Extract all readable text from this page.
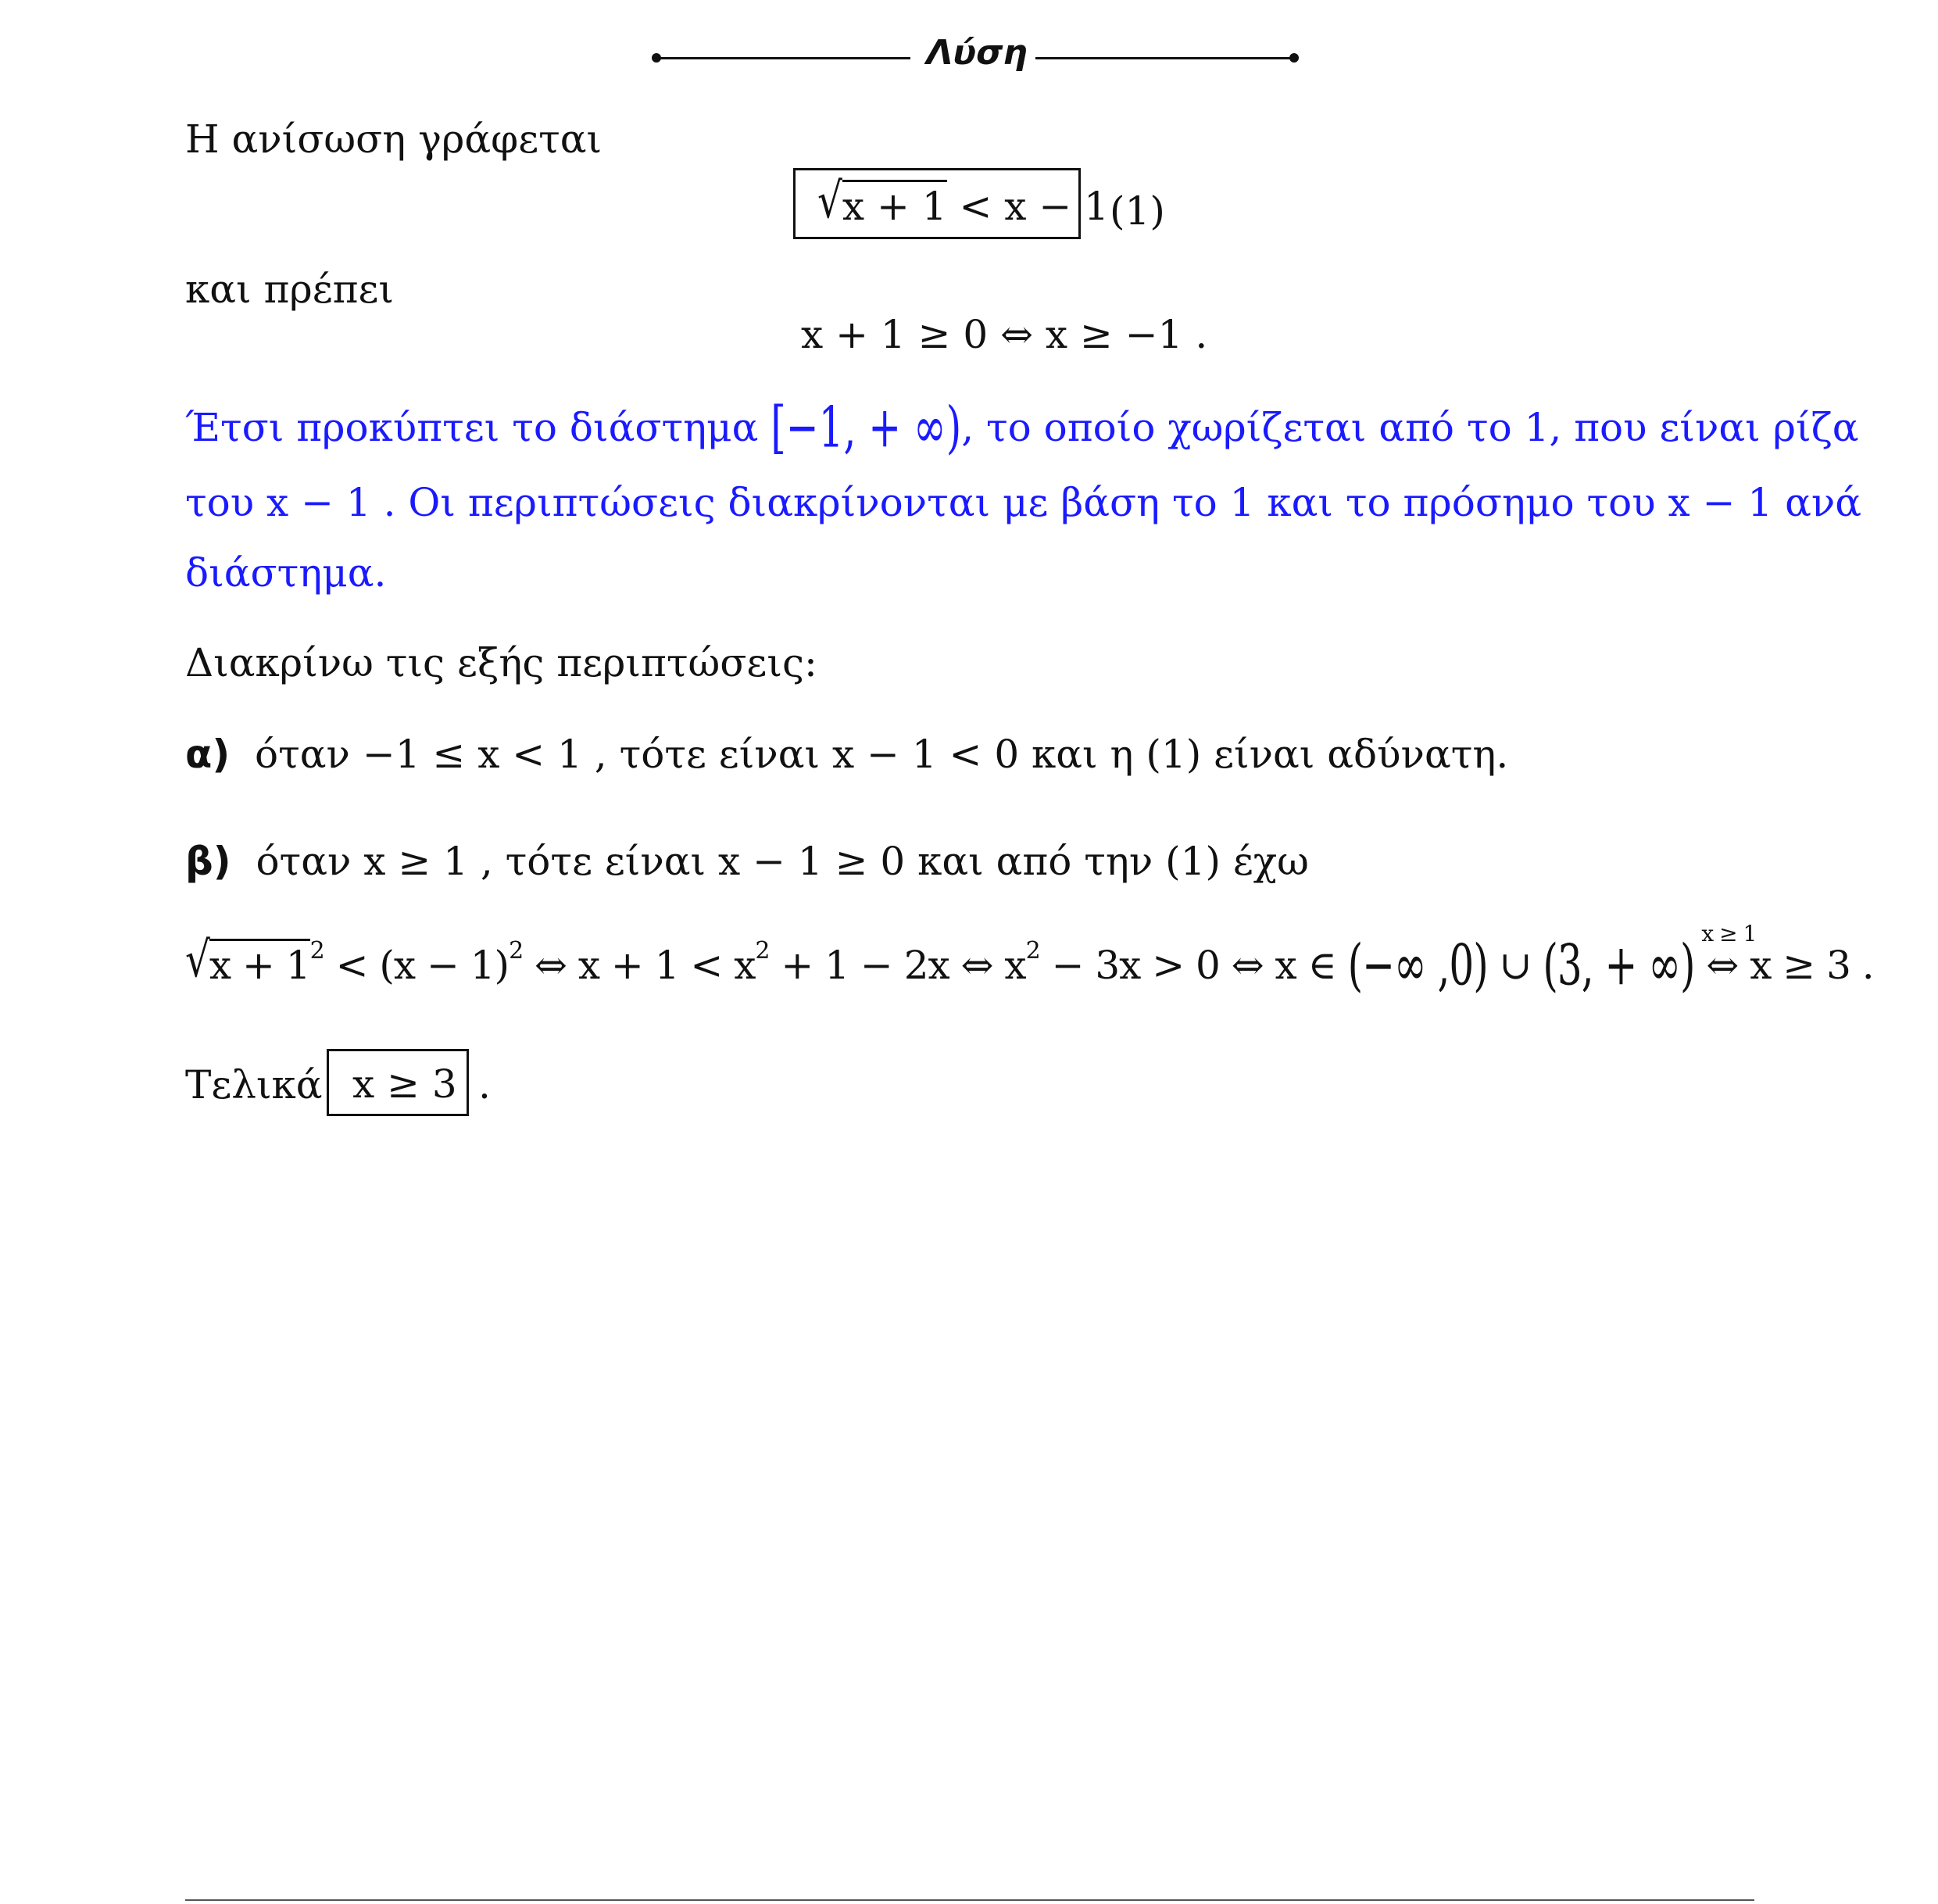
Λύση
Η ανίσωση γράφεται
√x + 1 < x − 1 (1)
και πρέπει
x + 1 ≥ 0 ⇔ x ≥ −1 .
Έτσι προκύπτει το διάστημα [−1, + ∞), το οποίο χωρίζεται από το 1, που είναι ρίζα
του x − 1 . Οι περιπτώσεις διακρίνονται με βάση το 1 και το πρόσημο του x − 1 ανά
διάστημα.
Διακρίνω τις εξής περιπτώσεις:
α) όταν −1 ≤ x < 1 , τότε είναι x − 1 < 0 και η (1) είναι αδύνατη.
β) όταν x ≥ 1 , τότε είναι x − 1 ≥ 0 και από την (1) έχω
$√x + 1^2 < (x - 1)^2$ ⇔ $x + 1 < x^2 + 1 - 2x$ ⇔ $x^2 - 3x > 0$ ⇔ x ∈ (−∞ ,0) ∪ (3, + ∞) x ≥ 1
⇔ x ≥ 3 .
Τελικά x ≥ 3 .
